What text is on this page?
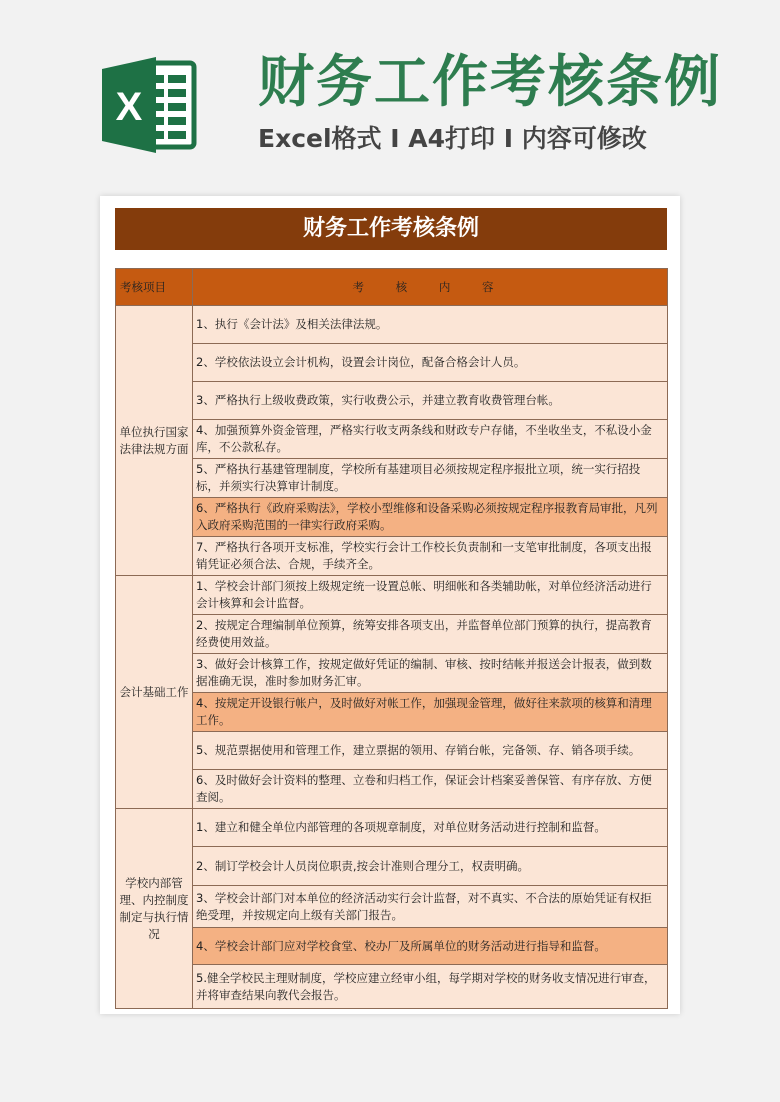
X 财务工作考核条例
Excel格式 Ⅰ A4打印 Ⅰ 内容可修改
财务工作考核条例
考核项目	考 核 内 容
单位执行国家法律法规方面	1、执行《会计法》及相关法律法规。
	2、学校依法设立会计机构，设置会计岗位，配备合格会计人员。
	3、严格执行上级收费政策，实行收费公示，并建立教育收费管理台帐。
	4、加强预算外资金管理，严格实行收支两条线和财政专户存储，不坐收坐支，不私设小金库，不公款私存。
	5、严格执行基建管理制度，学校所有基建项目必须按规定程序报批立项，统一实行招投标，并须实行决算审计制度。
	6、严格执行《政府采购法》，学校小型维修和设备采购必须按规定程序报教育局审批，凡列入政府采购范围的一律实行政府采购。
	7、严格执行各项开支标准，学校实行会计工作校长负责制和一支笔审批制度，各项支出报销凭证必须合法、合规，手续齐全。
会计基础工作	1、学校会计部门须按上级规定统一设置总帐、明细帐和各类辅助帐，对单位经济活动进行会计核算和会计监督。
	2、按规定合理编制单位预算，统筹安排各项支出，并监督单位部门预算的执行，提高教育经费使用效益。
	3、做好会计核算工作，按规定做好凭证的编制、审核、按时结帐并报送会计报表，做到数据准确无误，准时参加财务汇审。
	4、按规定开设银行帐户，及时做好对帐工作，加强现金管理，做好往来款项的核算和清理工作。
	5、规范票据使用和管理工作，建立票据的领用、存销台帐，完备领、存、销各项手续。
	6、及时做好会计资料的整理、立卷和归档工作，保证会计档案妥善保管、有序存放、方便查阅。
学校内部管理、内控制度制定与执行情况	1、建立和健全单位内部管理的各项规章制度，对单位财务活动进行控制和监督。
	2、制订学校会计人员岗位职责,按会计准则合理分工，权责明确。
	3、学校会计部门对本单位的经济活动实行会计监督，对不真实、不合法的原始凭证有权拒绝受理，并按规定向上级有关部门报告。
	4、学校会计部门应对学校食堂、校办厂及所属单位的财务活动进行指导和监督。
	5.健全学校民主理财制度，学校应建立经审小组，每学期对学校的财务收支情况进行审查，并将审查结果向教代会报告。
